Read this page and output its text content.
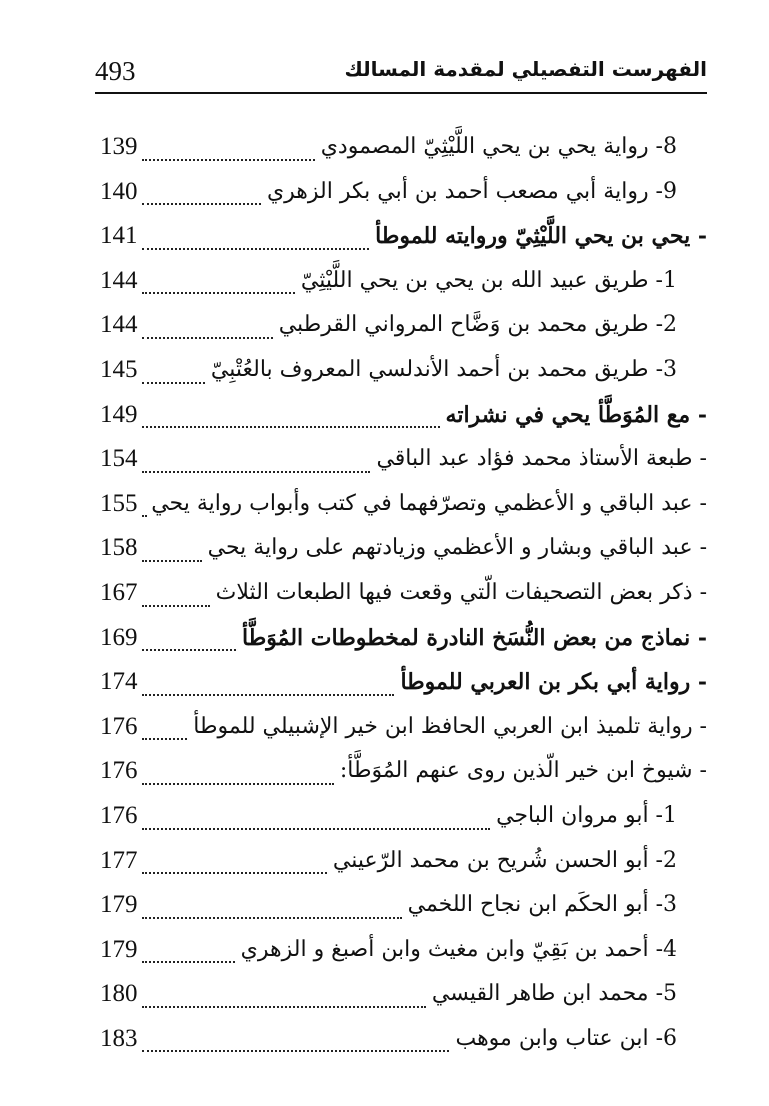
493	الفهرست التفصيلي لمقدمة المسالك
139	8- رواية يحي بن يحي اللَّيْثِيّ المصمودي
140	9- رواية أبي مصعب أحمد بن أبي بكر الزهري
141	- يحي بن يحي اللَّيْثِيّ وروايته للموطأ
144	1- طريق عبيد الله بن يحي بن يحي اللَّيْثِيّ
144	2- طريق محمد بن وَضَّاح المرواني القرطبي
145	3- طريق محمد بن أحمد الأندلسي المعروف بالعُتْبِيّ
149	- مع المُوَطَّأ يحي في نشراته
154	- طبعة الأستاذ محمد فؤاد عبد الباقي
155 - عبد الباقي و الأعظمي وتصرّفهما في كتب وأبواب رواية يحي
158	- عبد الباقي وبشار و الأعظمي وزيادتهم على رواية يحي
167	- ذكر بعض التصحيفات الّتي وقعت فيها الطبعات الثلاث
169	- نماذج من بعض النُّسَخ النادرة لمخطوطات المُوَطَّأ
174	- رواية أبي بكر بن العربي للموطأ
176	- رواية تلميذ ابن العربي الحافظ ابن خير الإشبيلي للموطأ
176	- شيوخ ابن خير الّذين روى عنهم المُوَطَّأ:
176	1- أبو مروان الباجي
177	2- أبو الحسن شُريح بن محمد الرّعيني
179	3- أبو الحكَم ابن نجاح اللخمي
179	4- أحمد بن بَقِيّ وابن مغيث وابن أصبغ و الزهري
180	5- محمد ابن طاهر القيسي
183	6- ابن عتاب وابن موهب
